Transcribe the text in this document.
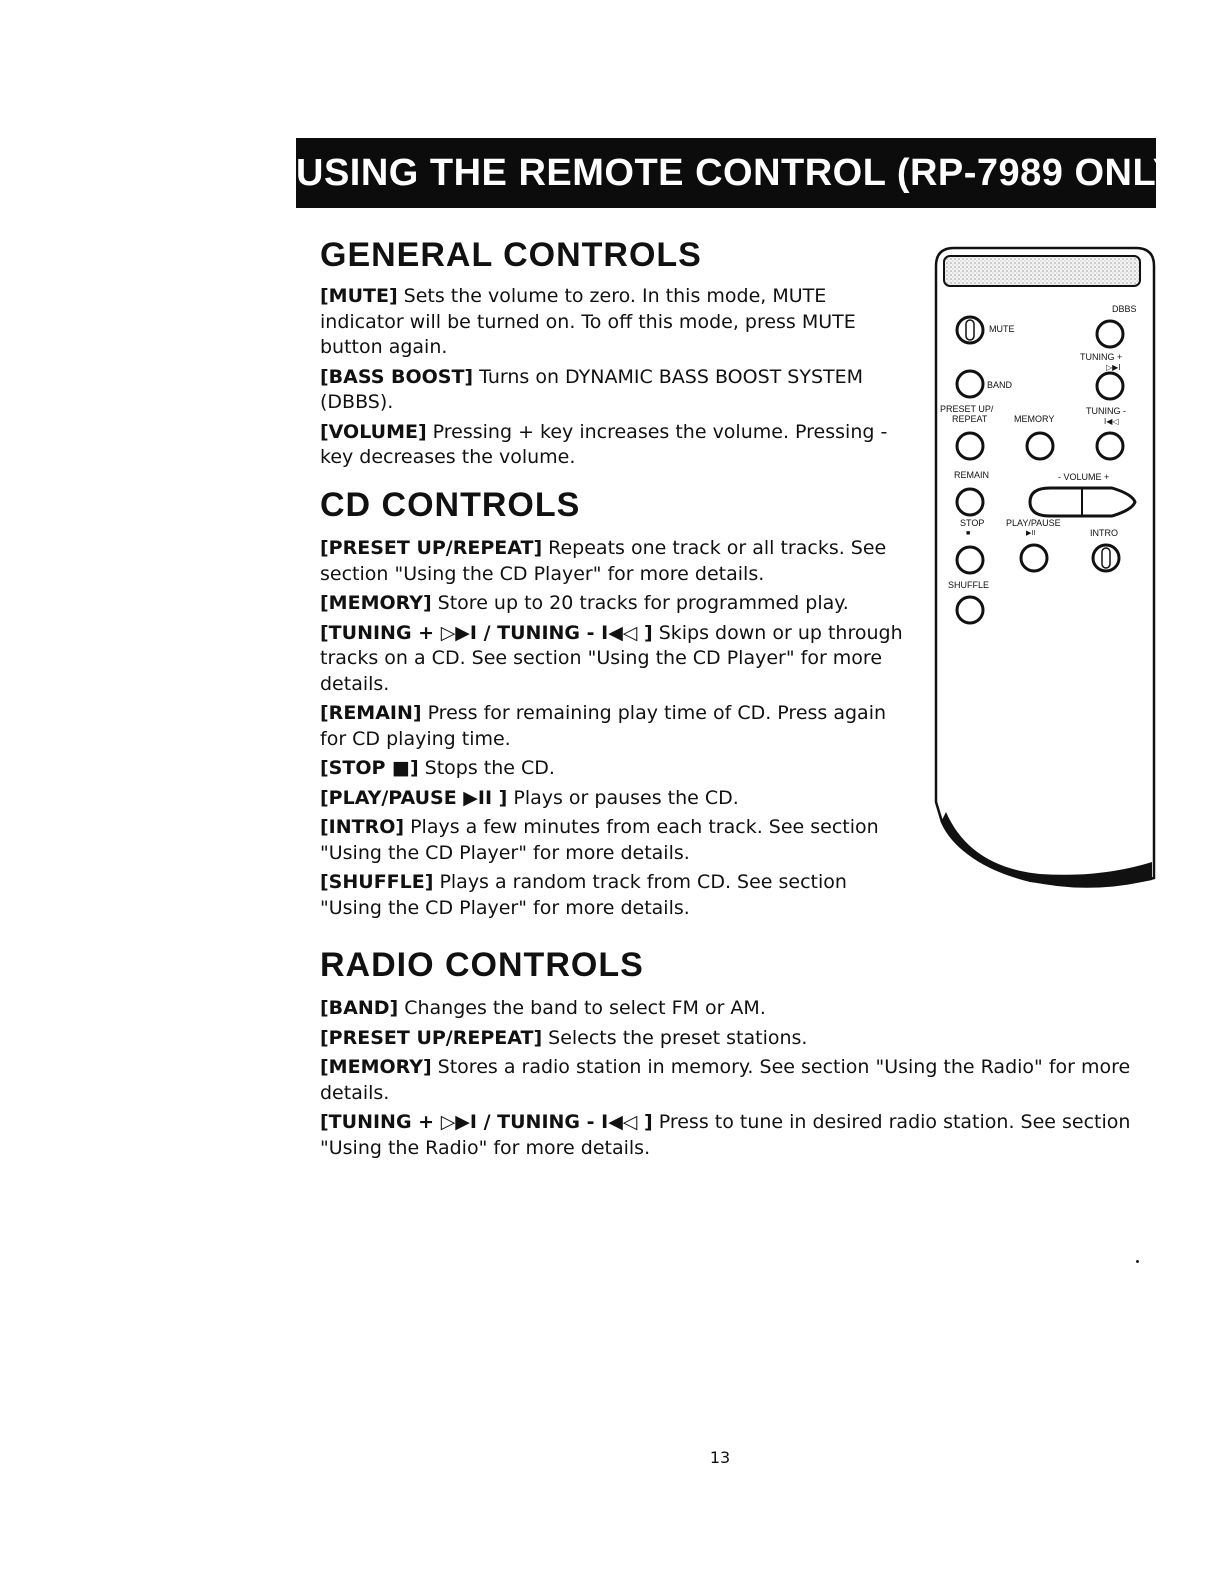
USING THE REMOTE CONTROL (RP-7989 ONLY)
GENERAL CONTROLS
[MUTE] Sets the volume to zero. In this mode, MUTE indicator will be turned on. To off this mode, press MUTE button again.
[BASS BOOST] Turns on DYNAMIC BASS BOOST SYSTEM (DBBS).
[VOLUME] Pressing + key increases the volume. Pressing - key decreases the volume.
CD CONTROLS
[PRESET UP/REPEAT] Repeats one track or all tracks. See section "Using the CD Player" for more details.
[MEMORY] Store up to 20 tracks for programmed play.
[TUNING + ▷▶I / TUNING - I◀◁ ] Skips down or up through tracks on a CD. See section "Using the CD Player" for more details.
[REMAIN] Press for remaining play time of CD. Press again for CD playing time.
[STOP ■] Stops the CD.
[PLAY/PAUSE ▶II ] Plays or pauses the CD.
[INTRO] Plays a few minutes from each track. See section "Using the CD Player" for more details.
[SHUFFLE] Plays a random track from CD. See section "Using the CD Player" for more details.
RADIO CONTROLS
[BAND] Changes the band to select FM or AM.
[PRESET UP/REPEAT] Selects the preset stations.
[MEMORY] Stores a radio station in memory. See section "Using the Radio" for more details.
[TUNING + ▷▶I / TUNING - I◀◁ ] Press to tune in desired radio station. See section "Using the Radio" for more details.
DBBS
MUTE
TUNING +
▷▶I
BAND
PRESET UP/
REPEAT	MEMORY
TUNING -
I◀◁
REMAIN	- VOLUME +
STOP
■
PLAY/PAUSE
▶II	INTRO
SHUFFLE
13
